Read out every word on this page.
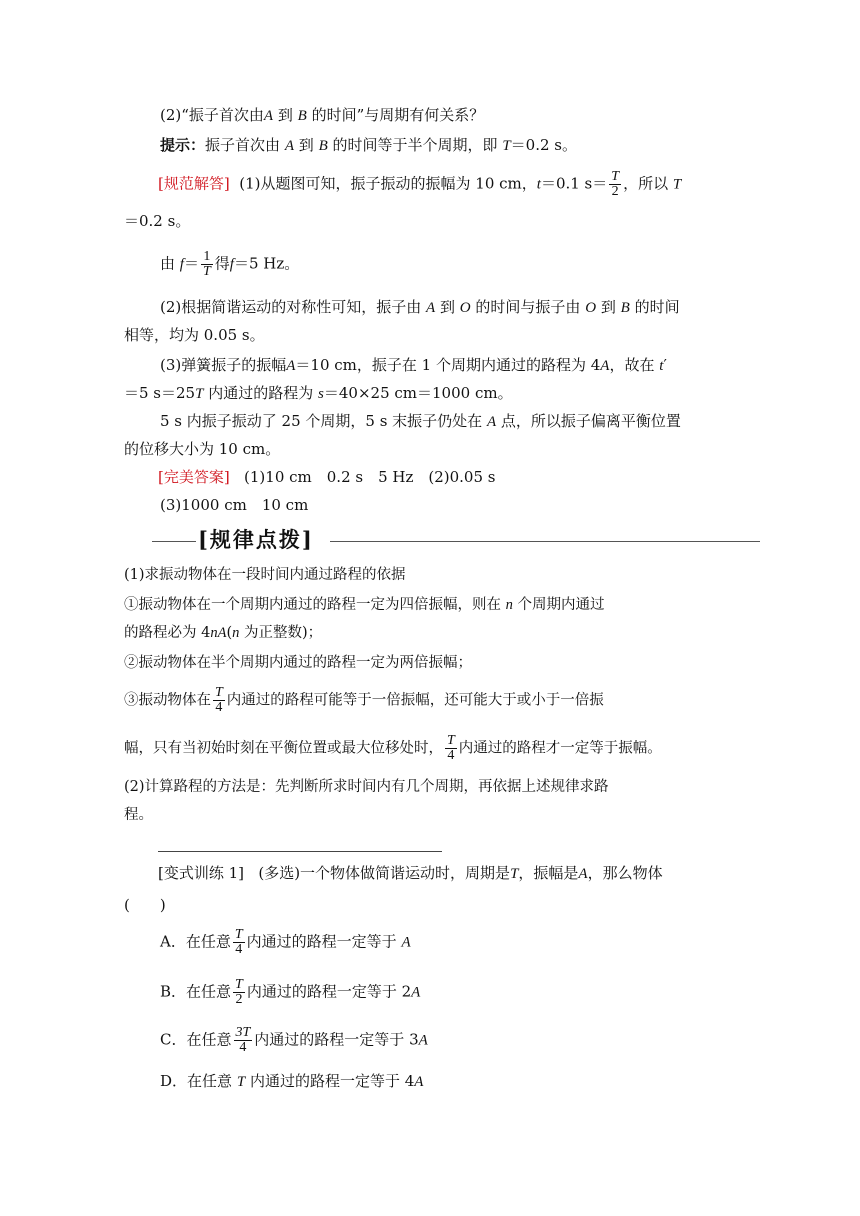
(2)“振子首次由A 到 B 的时间”与周期有何关系？
提示：振子首次由 A 到 B 的时间等于半个周期，即 T＝0.2 s。
[规范解答] (1)从题图可知，振子振动的振幅为 10 cm，t＝0.1 $s= \frac{T}{2}$ ，所以 T
＝0.2 s。
由 $f= \frac{1}{T}$ 得f＝5 Hz。
(2)根据简谐运动的对称性可知，振子由 A 到 O 的时间与振子由 O 到 B 的时间
相等，均为 0.05 s。
(3)弹簧振子的振幅A＝10 cm，振子在 1 个周期内通过的路程为 4A，故在 t′
＝5 s＝25T 内通过的路程为 s＝40×25 cm＝1000 cm。
5 s 内振子振动了 25 个周期，5 s 末振子仍处在 A 点，所以振子偏离平衡位置
的位移大小为 10 cm。
[完美答案] (1)10 cm　0.2 s　5 Hz　(2)0.05 s
(3)1000 cm　10 cm
[规律点拨]
(1)求振动物体在一段时间内通过路程的依据
①振动物体在一个周期内通过的路程一定为四倍振幅，则在 n 个周期内通过
的路程必为 4nA(n 为正整数)；
②振动物体在半个周期内通过的路程一定为两倍振幅；
③振动物体在 $\frac{T}{4}$ 内通过的路程可能等于一倍振幅，还可能大于或小于一倍振
幅，只有当初始时刻在平衡位置或最大位移处时， $\frac{T}{4}$ 内通过的路程才一定等于振幅。
(2)计算路程的方法是：先判断所求时间内有几个周期，再依据上述规律求路
程。
[变式训练 1] (多选)一个物体做简谐运动时，周期是T，振幅是A，那么物体
(　　)
A．在任意 $\frac{T}{4}$ 内通过的路程一定等于 A
B．在任意 $\frac{T}{2}$ 内通过的路程一定等于 2A
C．在任意 $\frac{3T}{4}$ 内通过的路程一定等于 3A
D．在任意 T 内通过的路程一定等于 4A
